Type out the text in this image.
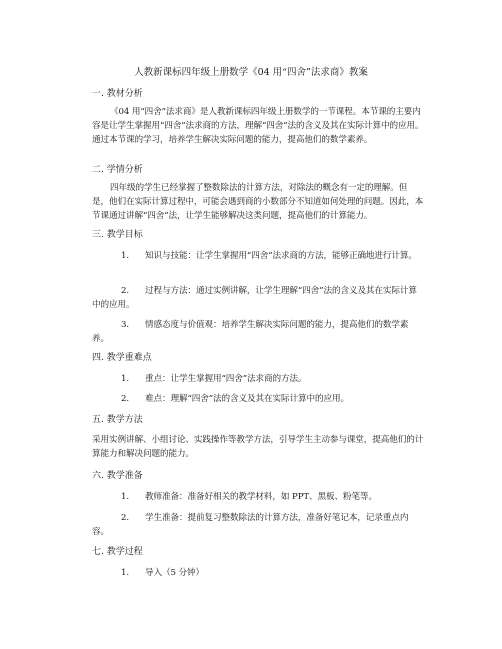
人教新课标四年级上册数学《04 用“四舍”法求商》教案
一. 教材分析

《04 用“四舍”法求商》是人教新课标四年级上册数学的一节课程。本节课的主要内容是让学生掌握用“四舍”法求商的方法，理解“四舍”法的含义及其在实际计算中的应用。通过本节课的学习，培养学生解决实际问题的能力，提高他们的数学素养。

二. 学情分析

四年级的学生已经掌握了整数除法的计算方法，对除法的概念有一定的理解。但是，他们在实际计算过程中，可能会遇到商的小数部分不知道如何处理的问题。因此，本节课通过讲解“四舍”法，让学生能够解决这类问题，提高他们的计算能力。

三. 教学目标

1. 知识与技能：让学生掌握用“四舍”法求商的方法，能够正确地进行计算。

2. 过程与方法：通过实例讲解，让学生理解“四舍”法的含义及其在实际计算中的应用。

3. 情感态度与价值观：培养学生解决实际问题的能力，提高他们的数学素养。

四. 教学重难点

1. 重点：让学生掌握用“四舍”法求商的方法。

2. 难点：理解“四舍”法的含义及其在实际计算中的应用。

五. 教学方法

采用实例讲解、小组讨论、实践操作等教学方法，引导学生主动参与课堂，提高他们的计算能力和解决问题的能力。

六. 教学准备

1. 教师准备：准备好相关的教学材料，如 PPT、黑板、粉笔等。

2. 学生准备：提前复习整数除法的计算方法，准备好笔记本，记录重点内容。

七. 教学过程

1. 导入（5 分钟）
